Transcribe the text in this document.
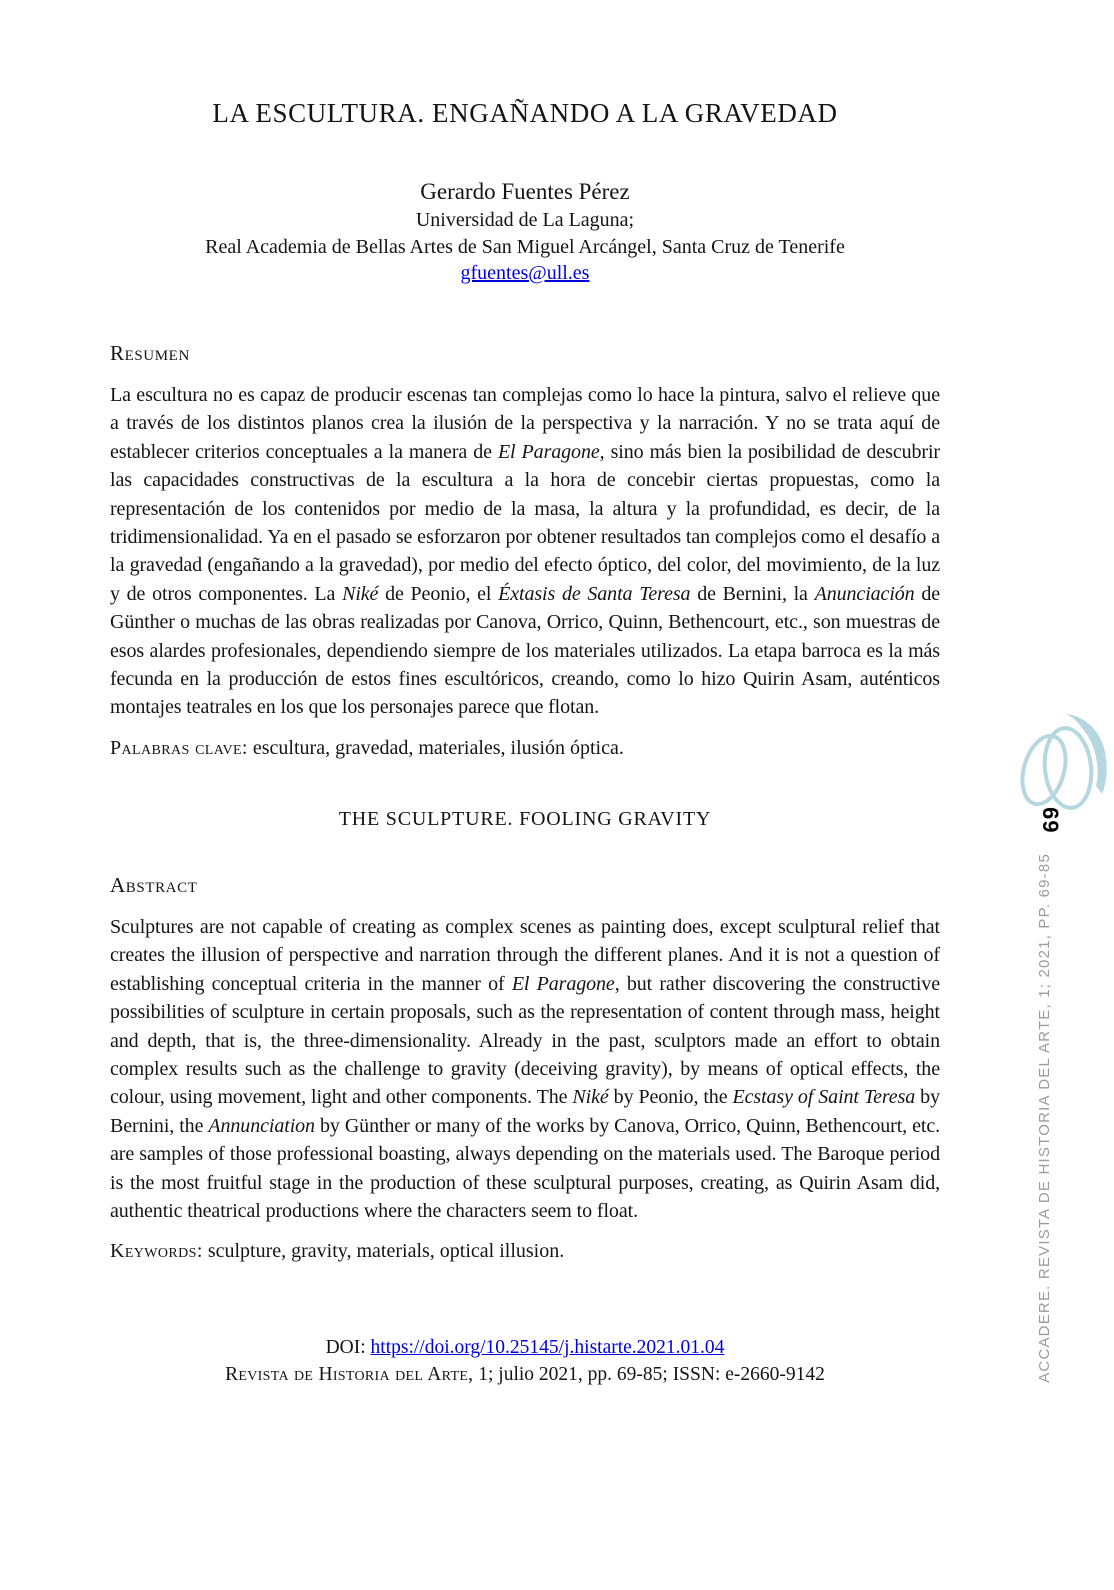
LA ESCULTURA. ENGAÑANDO A LA GRAVEDAD
Gerardo Fuentes Pérez
Universidad de La Laguna;
Real Academia de Bellas Artes de San Miguel Arcángel, Santa Cruz de Tenerife
gfuentes@ull.es
Resumen

La escultura no es capaz de producir escenas tan complejas como lo hace la pintura, salvo el relieve que a través de los distintos planos crea la ilusión de la perspectiva y la narración. Y no se trata aquí de establecer criterios conceptuales a la manera de El Paragone, sino más bien la posibilidad de descubrir las capacidades constructivas de la escultura a la hora de concebir ciertas propuestas, como la representación de los contenidos por medio de la masa, la altura y la profundidad, es decir, de la tridimensionalidad. Ya en el pasado se esforzaron por obtener resultados tan complejos como el desafío a la gravedad (engañando a la gravedad), por medio del efecto óptico, del color, del movimiento, de la luz y de otros componentes. La Niké de Peonio, el Éxtasis de Santa Teresa de Bernini, la Anunciación de Günther o muchas de las obras realizadas por Canova, Orrico, Quinn, Bethencourt, etc., son muestras de esos alardes profesionales, dependiendo siempre de los materiales utilizados. La etapa barroca es la más fecunda en la producción de estos fines escultóricos, creando, como lo hizo Quirin Asam, auténticos montajes teatrales en los que los personajes parece que flotan.

Palabras clave: escultura, gravedad, materiales, ilusión óptica.

THE SCULPTURE. FOOLING GRAVITY
Abstract

Sculptures are not capable of creating as complex scenes as painting does, except sculptural relief that creates the illusion of perspective and narration through the different planes. And it is not a question of establishing conceptual criteria in the manner of El Paragone, but rather discovering the constructive possibilities of sculpture in certain proposals, such as the representation of content through mass, height and depth, that is, the three-dimensionality. Already in the past, sculptors made an effort to obtain complex results such as the challenge to gravity (deceiving gravity), by means of optical effects, the colour, using movement, light and other components. The Niké by Peonio, the Ecstasy of Saint Teresa by Bernini, the Annunciation by Günther or many of the works by Canova, Orrico, Quinn, Bethencourt, etc. are samples of those professional boasting, always depending on the materials used. The Baroque period is the most fruitful stage in the production of these sculptural purposes, creating, as Quirin Asam did, authentic theatrical productions where the characters seem to float.

Keywords: sculpture, gravity, materials, optical illusion.

DOI: https://doi.org/10.25145/j.histarte.2021.01.04
Revista de Historia del Arte, 1; julio 2021, pp. 69-85; ISSN: e-2660-9142
69
ACCADERE. REVISTA DE HISTORIA DEL ARTE, 1; 2021, PP. 69-85
